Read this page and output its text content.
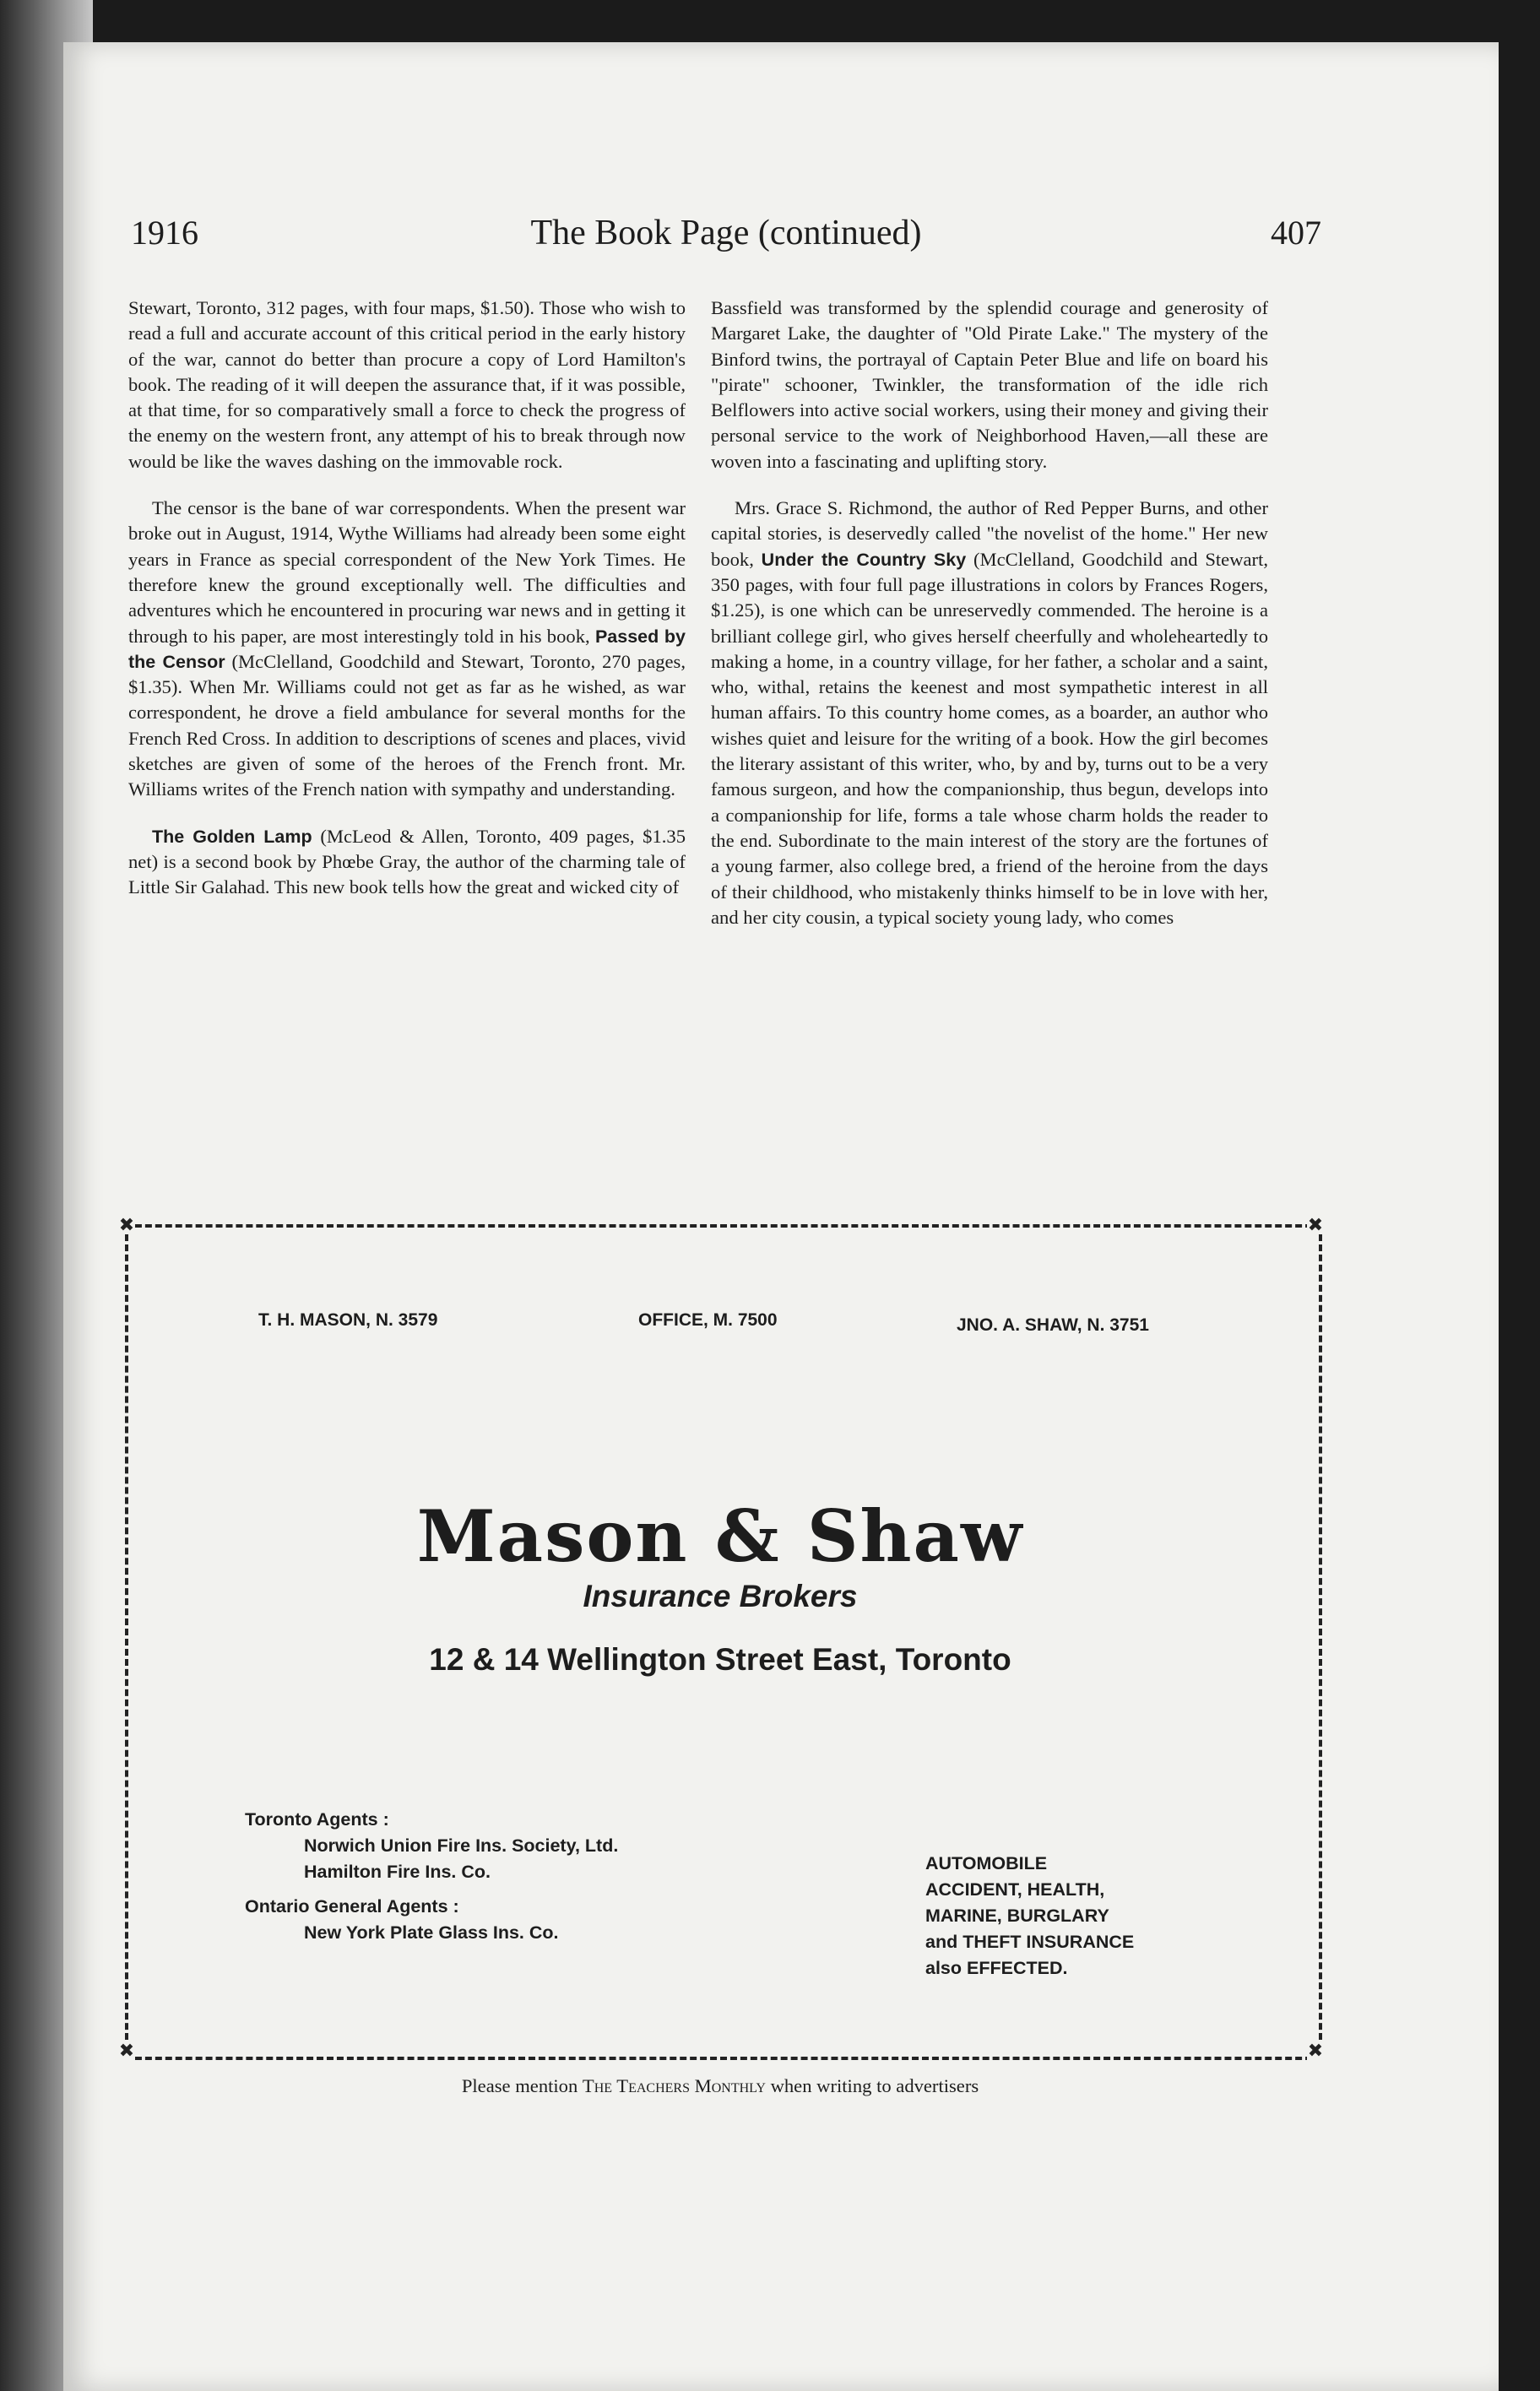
1916	The Book Page (continued)	407

Stewart, Toronto, 312 pages, with four maps, $1.50). Those who wish to read a full and accurate account of this critical period in the early history of the war, cannot do better than procure a copy of Lord Hamilton's book. The reading of it will deepen the assurance that, if it was possible, at that time, for so comparatively small a force to check the progress of the enemy on the western front, any attempt of his to break through now would be like the waves dashing on the immovable rock.

The censor is the bane of war correspondents. When the present war broke out in August, 1914, Wythe Williams had already been some eight years in France as special correspondent of the New York Times. He therefore knew the ground exceptionally well. The difficulties and adventures which he encountered in procuring war news and in getting it through to his paper, are most interestingly told in his book, Passed by the Censor (McClelland, Goodchild and Stewart, Toronto, 270 pages, $1.35). When Mr. Williams could not get as far as he wished, as war correspondent, he drove a field ambulance for several months for the French Red Cross. In addition to descriptions of scenes and places, vivid sketches are given of some of the heroes of the French front. Mr. Williams writes of the French nation with sympathy and understanding.

The Golden Lamp (McLeod & Allen, Toronto, 409 pages, $1.35 net) is a second book by Phœbe Gray, the author of the charming tale of Little Sir Galahad. This new book tells how the great and wicked city of

Bassfield was transformed by the splendid courage and generosity of Margaret Lake, the daughter of "Old Pirate Lake." The mystery of the Binford twins, the portrayal of Captain Peter Blue and life on board his "pirate" schooner, Twinkler, the transformation of the idle rich Belflowers into active social workers, using their money and giving their personal service to the work of Neighborhood Haven,—all these are woven into a fascinating and uplifting story.

Mrs. Grace S. Richmond, the author of Red Pepper Burns, and other capital stories, is deservedly called "the novelist of the home." Her new book, Under the Country Sky (McClelland, Goodchild and Stewart, 350 pages, with four full page illustrations in colors by Frances Rogers, $1.25), is one which can be unreservedly commended. The heroine is a brilliant college girl, who gives herself cheerfully and wholeheartedly to making a home, in a country village, for her father, a scholar and a saint, who, withal, retains the keenest and most sympathetic interest in all human affairs. To this country home comes, as a boarder, an author who wishes quiet and leisure for the writing of a book. How the girl becomes the literary assistant of this writer, who, by and by, turns out to be a very famous surgeon, and how the companionship, thus begun, develops into a companionship for life, forms a tale whose charm holds the reader to the end. Subordinate to the main interest of the story are the fortunes of a young farmer, also college bred, a friend of the heroine from the days of their childhood, who mistakenly thinks himself to be in love with her, and her city cousin, a typical society young lady, who comes

✖	✖
✖	✖
T. H. MASON, N. 3579	OFFICE, M. 7500	JNO. A. SHAW, N. 3751
Mason & Shaw
Insurance Brokers
12 & 14 Wellington Street East, Toronto
Toronto Agents :
Norwich Union Fire Ins. Society, Ltd.
Hamilton Fire Ins. Co.
Ontario General Agents :
New York Plate Glass Ins. Co.
AUTOMOBILE
ACCIDENT, HEALTH,
MARINE, BURGLARY
and THEFT INSURANCE
also EFFECTED.
Please mention The Teachers Monthly when writing to advertisers
